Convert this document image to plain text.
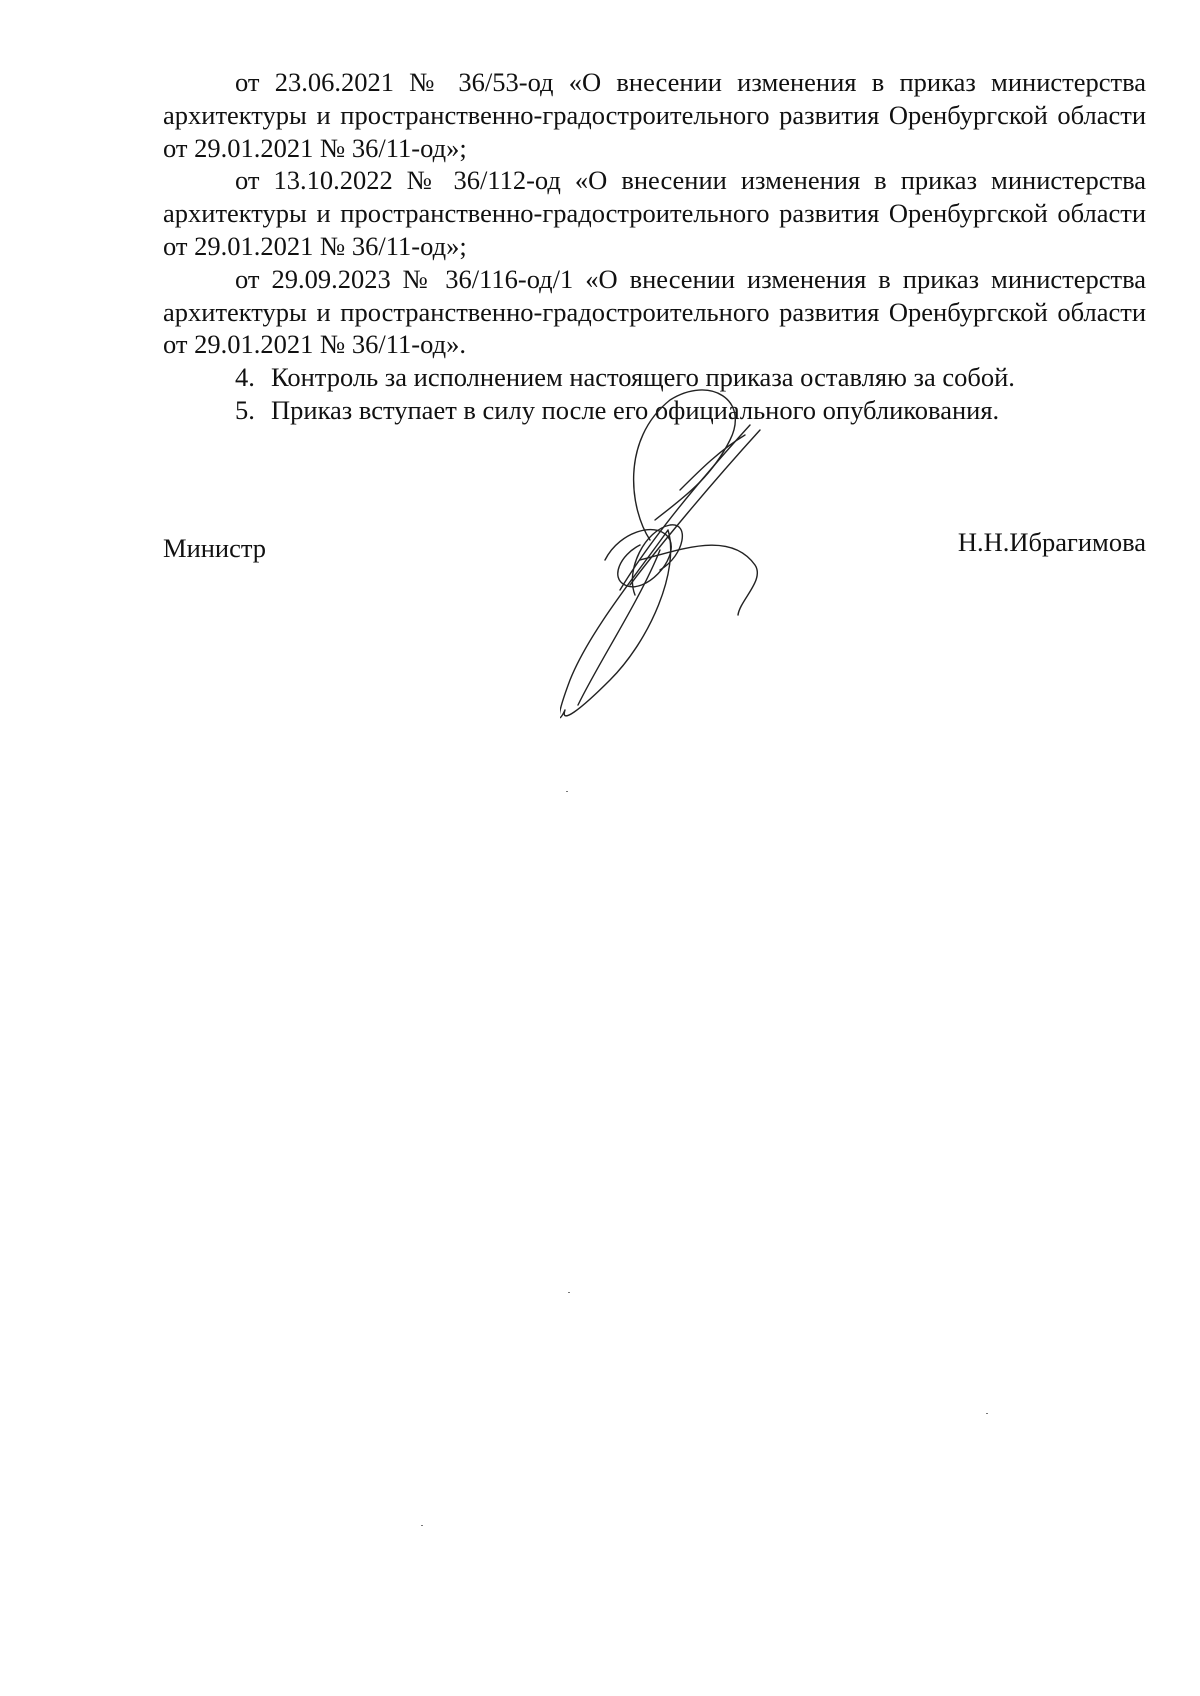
от 23.06.2021 № 36/53-од «О внесении изменения в приказ министерства архитектуры и пространственно-градостроительного развития Оренбургской области от 29.01.2021 № 36/11-од»;

от 13.10.2022 № 36/112-од «О внесении изменения в приказ министерства архитектуры и пространственно-градостроительного развития Оренбургской области от 29.01.2021 № 36/11-од»;

от 29.09.2023 № 36/116-од/1 «О внесении изменения в приказ министерства архитектуры и пространственно-градостроительного развития Оренбургской области от 29.01.2021 № 36/11-од».

4. Контроль за исполнением настоящего приказа оставляю за собой.

5. Приказ вступает в силу после его официального опубликования.

Министр	Н.Н.Ибрагимова
